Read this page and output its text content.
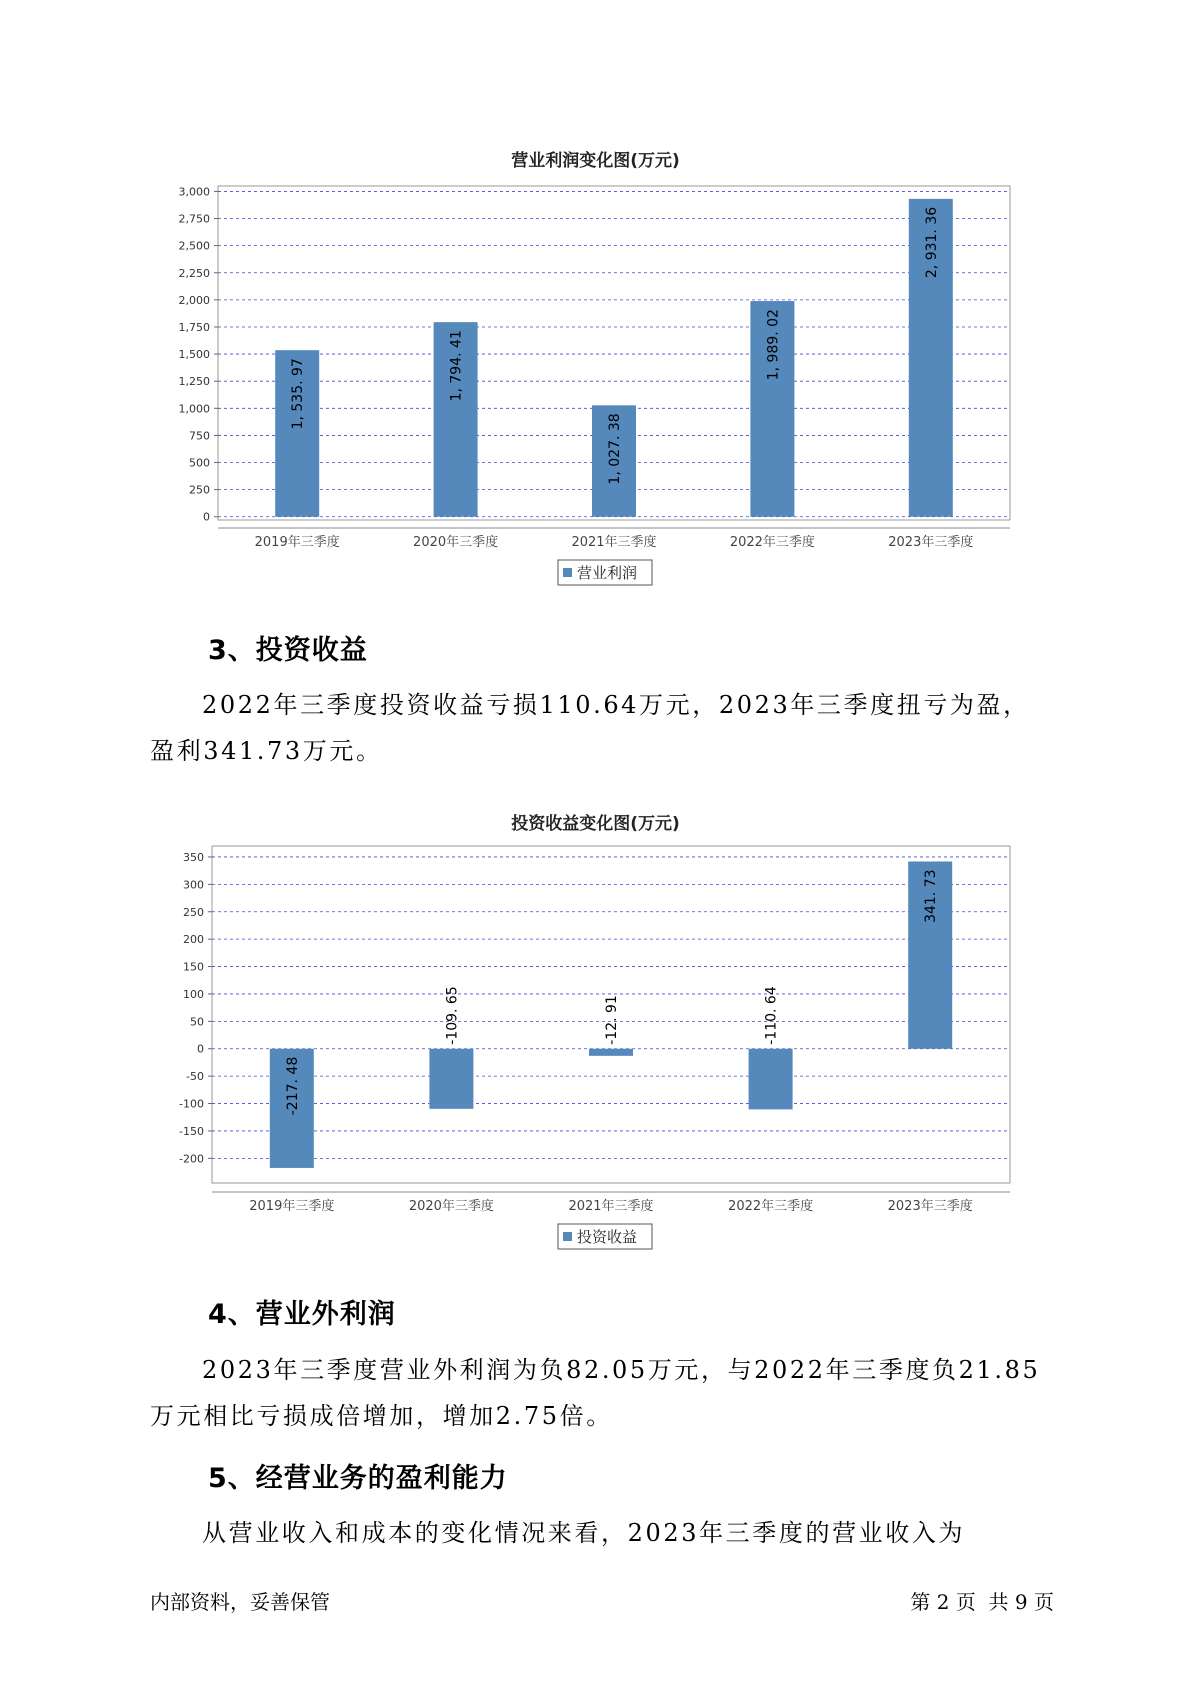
营业利润变化图(万元)
0
250
500
750
1,000
1,250
1,500
1,750
2,000
2,250
2,500
2,750
3,000
1, 535. 97
2019年三季度
1, 794. 41
2020年三季度
1, 027. 38
2021年三季度
1, 989. 02
2022年三季度
2, 931. 36
2023年三季度
营业利润
3、投资收益

2022年三季度投资收益亏损110.64万元，2023年三季度扭亏为盈，盈利341.73万元。

投资收益变化图(万元)
-200
-150
-100
-50
0
50
100
150
200
250
300
350
-217. 48
2019年三季度
-109. 65
2020年三季度
-12. 91
2021年三季度
-110. 64
2022年三季度
341. 73
2023年三季度
投资收益
4、营业外利润

2023年三季度营业外利润为负82.05万元，与2022年三季度负21.85万元相比亏损成倍增加，增加2.75倍。

5、经营业务的盈利能力

从营业收入和成本的变化情况来看，2023年三季度的营业收入为

内部资料，妥善保管	第 2 页  共 9 页
